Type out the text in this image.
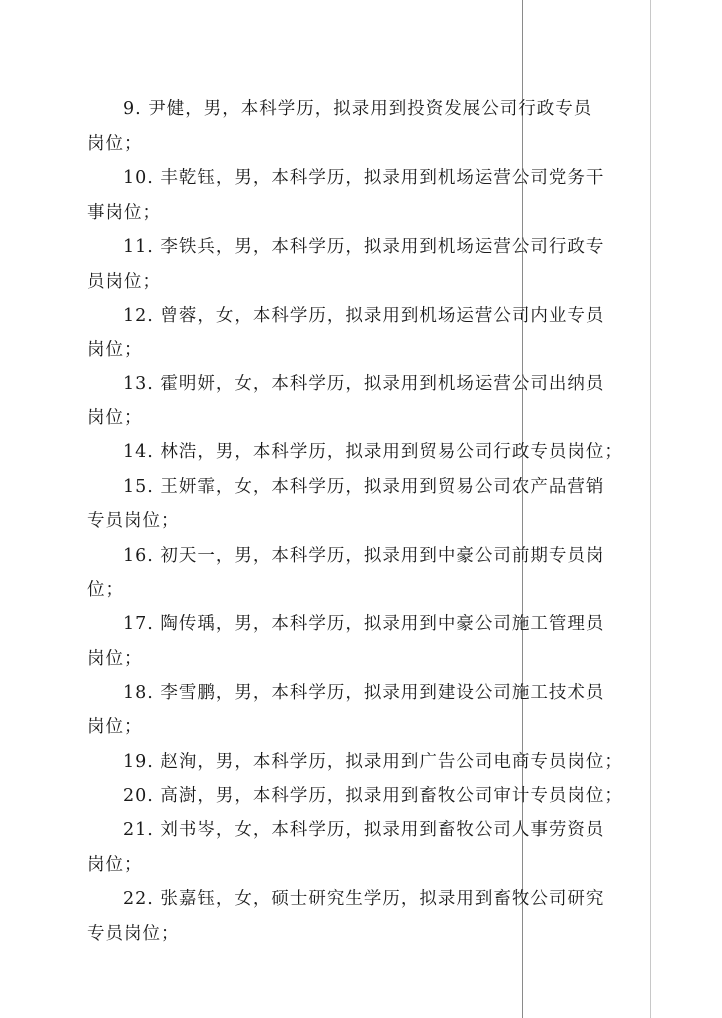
9. 尹健，男，本科学历，拟录用到投资发展公司行政专员
岗位；
10. 丰乾钰，男，本科学历，拟录用到机场运营公司党务干
事岗位；
11. 李铁兵，男，本科学历，拟录用到机场运营公司行政专
员岗位；
12. 曾蓉，女，本科学历，拟录用到机场运营公司内业专员
岗位；
13. 霍明妍，女，本科学历，拟录用到机场运营公司出纳员
岗位；
14. 林浩，男，本科学历，拟录用到贸易公司行政专员岗位；
15. 王妍霏，女，本科学历，拟录用到贸易公司农产品营销
专员岗位；
16. 初天一，男，本科学历，拟录用到中豪公司前期专员岗
位；
17. 陶传瑀，男，本科学历，拟录用到中豪公司施工管理员
岗位；
18. 李雪鹏，男，本科学历，拟录用到建设公司施工技术员
岗位；
19. 赵洵，男，本科学历，拟录用到广告公司电商专员岗位；
20. 高澍，男，本科学历，拟录用到畜牧公司审计专员岗位；
21. 刘书岑，女，本科学历，拟录用到畜牧公司人事劳资员
岗位；
22. 张嘉钰，女，硕士研究生学历，拟录用到畜牧公司研究
专员岗位；
